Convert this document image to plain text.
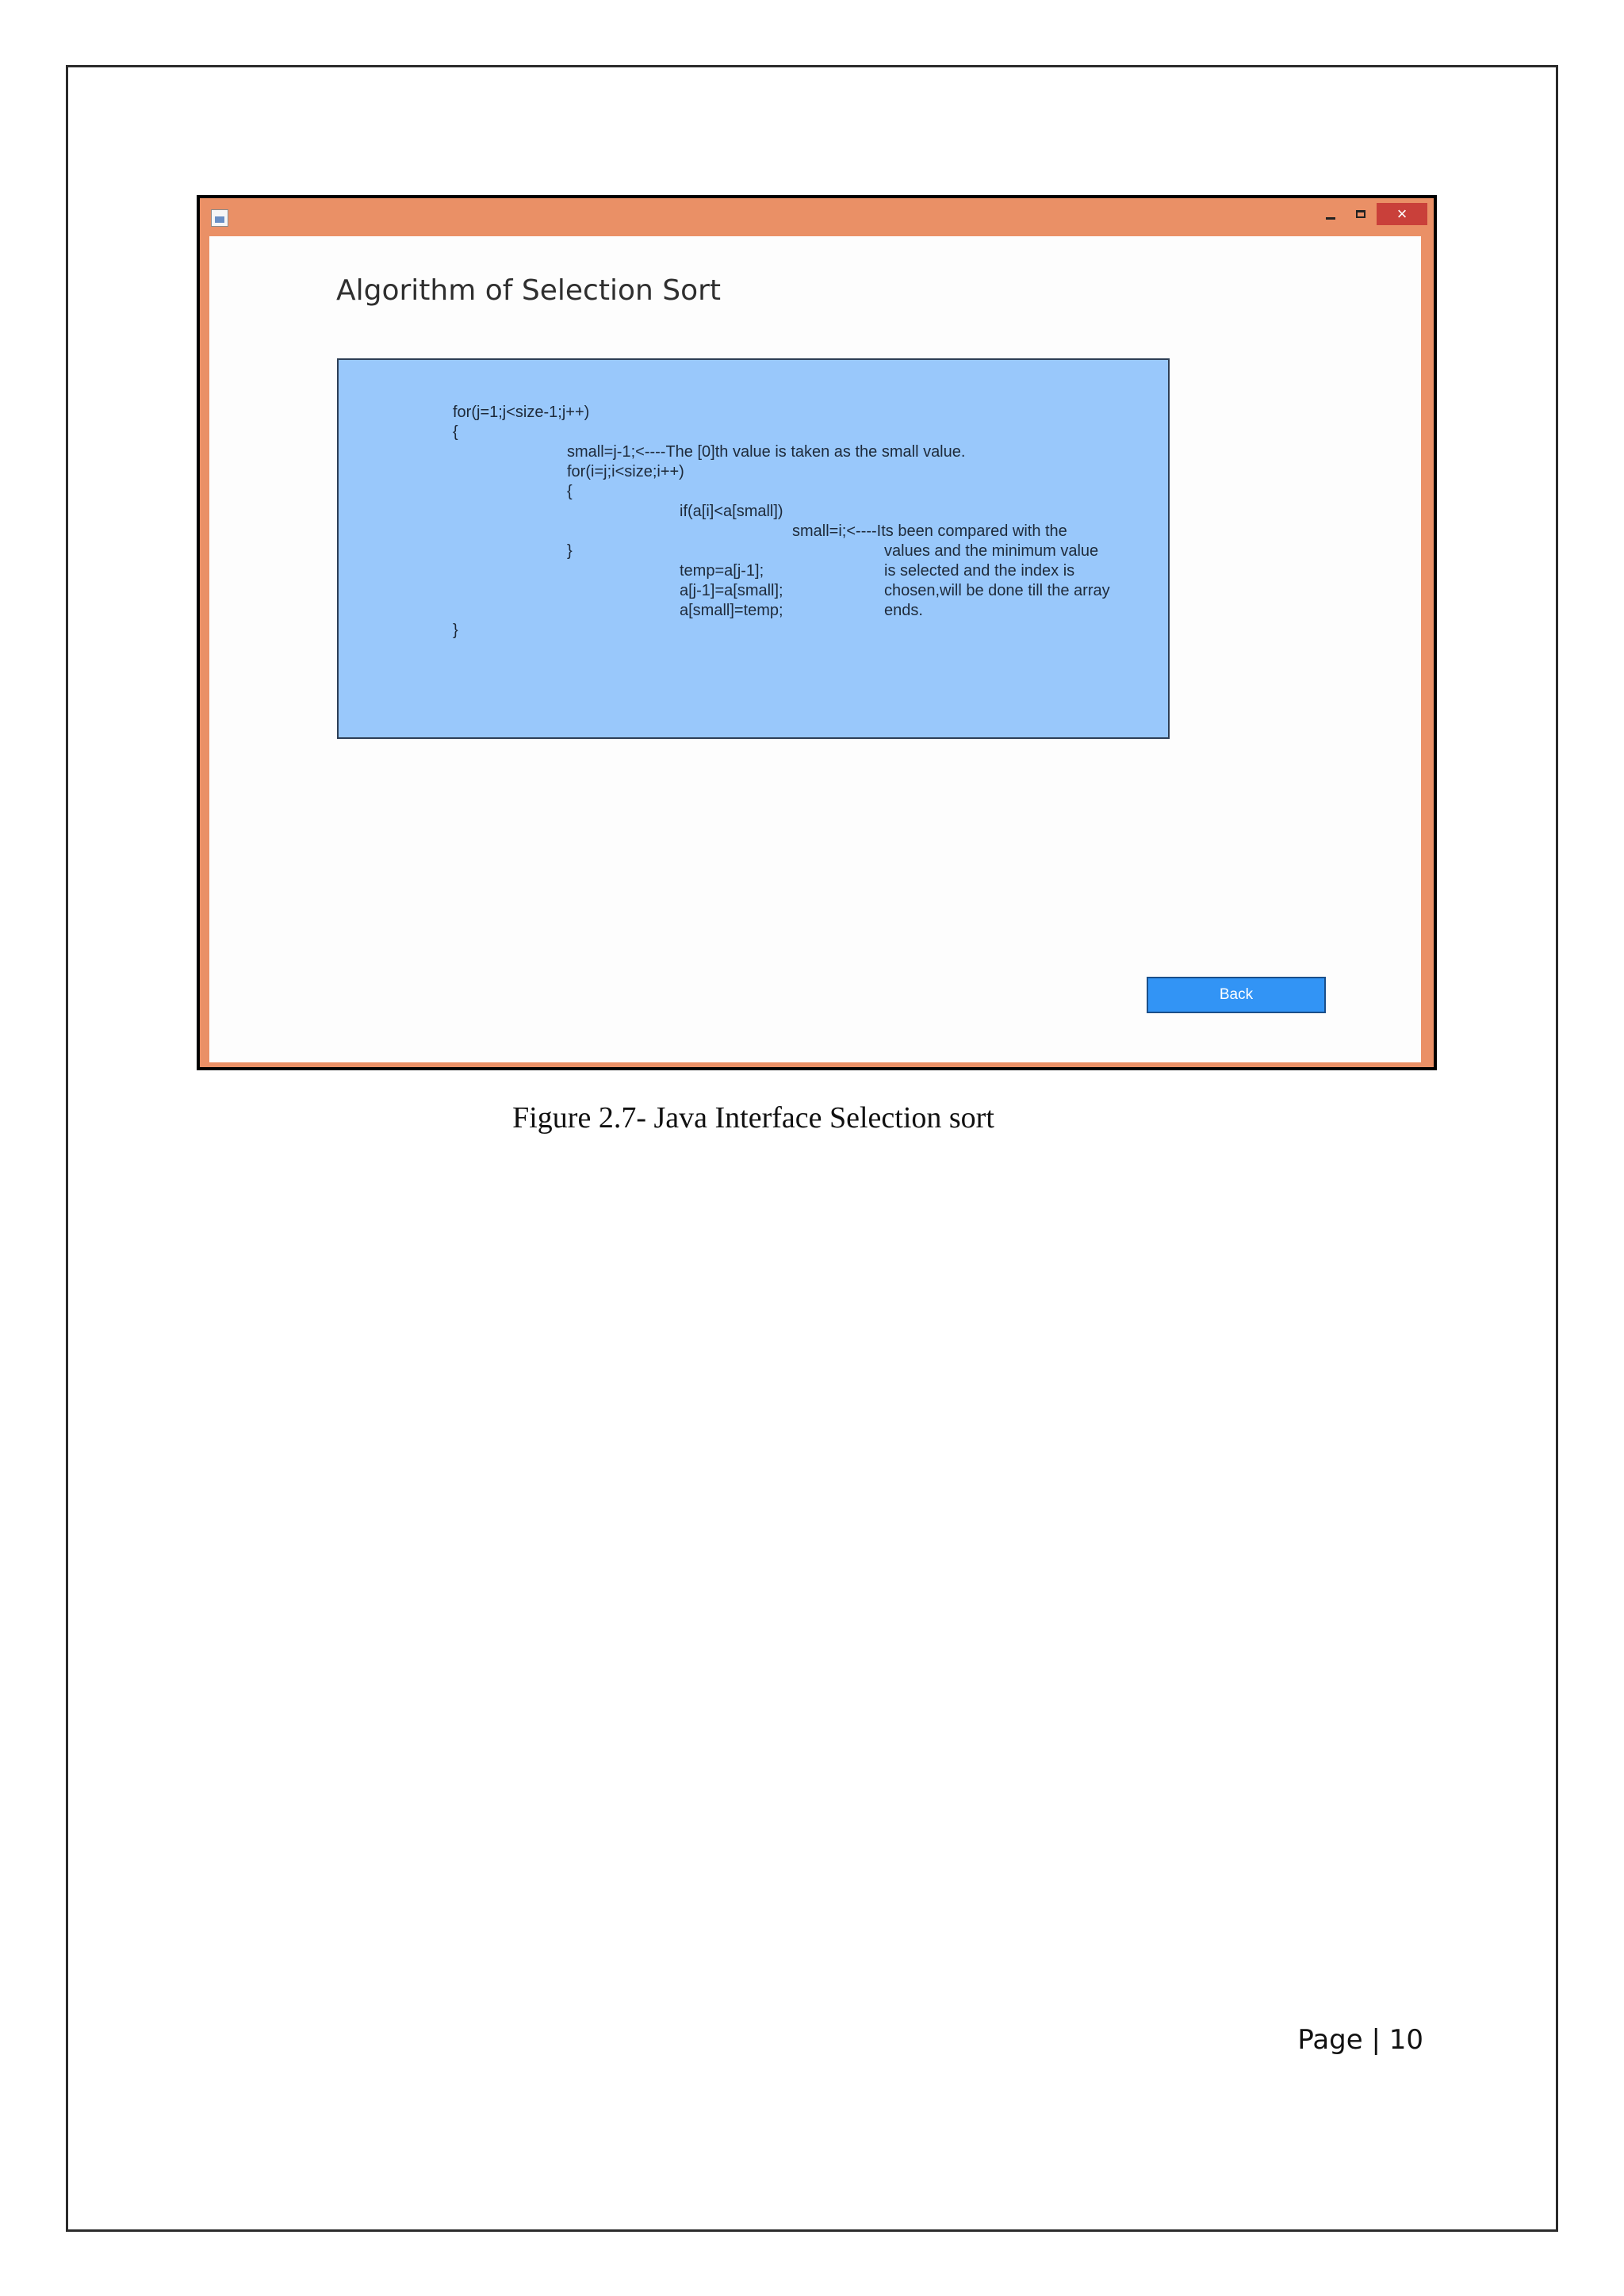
×
Algorithm of Selection Sort
for(j=1;j<size-1;j++)
{
small=j-1;<----The [0]th value is taken as the small value.
for(i=j;i<size;i++)
{
if(a[i]<a[small])
small=i;<----Its been compared with the
}	values and the minimum value
temp=a[j-1];	is selected and the index is
a[j-1]=a[small];	chosen,will be done till the array
a[small]=temp;	ends.
}
Back
Figure 2.7- Java Interface Selection sort
Page | 10
